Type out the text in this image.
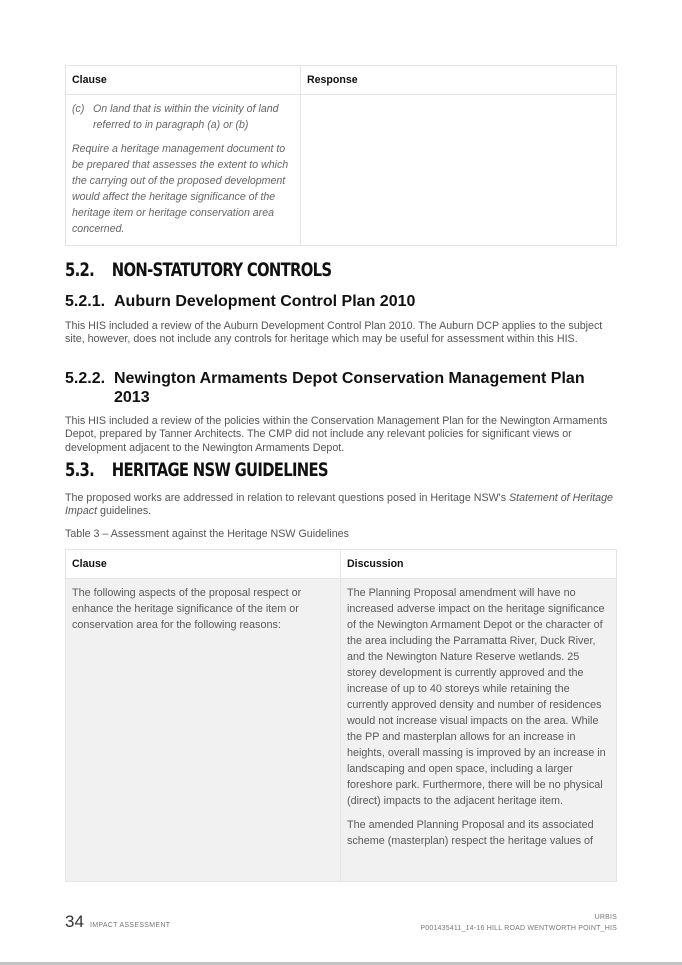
Clause	Response

(c) On land that is within the vicinity of land referred to in paragraph (a) or (b)

Require a heritage management document to be prepared that assesses the extent to which the carrying out of the proposed development would affect the heritage significance of the heritage item or heritage conservation area concerned.	

5.2. NON-STATUTORY CONTROLS
5.2.1. Auburn Development Control Plan 2010

This HIS included a review of the Auburn Development Control Plan 2010. The Auburn DCP applies to the subject site, however, does not include any controls for heritage which may be useful for assessment within this HIS.

5.2.2. Newington Armaments Depot Conservation Management Plan 2013

This HIS included a review of the policies within the Conservation Management Plan for the Newington Armaments Depot, prepared by Tanner Architects. The CMP did not include any relevant policies for significant views or development adjacent to the Newington Armaments Depot.

5.3. HERITAGE NSW GUIDELINES

The proposed works are addressed in relation to relevant questions posed in Heritage NSW's Statement of Heritage Impact guidelines.

Table 3 – Assessment against the Heritage NSW Guidelines

Clause	Discussion

The following aspects of the proposal respect or enhance the heritage significance of the item or conservation area for the following reasons:	The Planning Proposal amendment will have no increased adverse impact on the heritage significance of the Newington Armament Depot or the character of the area including the Parramatta River, Duck River, and the Newington Nature Reserve wetlands. 25 storey development is currently approved and the increase of up to 40 storeys while retaining the currently approved density and number of residences would not increase visual impacts on the area. While the PP and masterplan allows for an increase in heights, overall massing is improved by an increase in landscaping and open space, including a larger foreshore park. Furthermore, there will be no physical (direct) impacts to the adjacent heritage item.

The amended Planning Proposal and its associated scheme (masterplan) respect the heritage values of

34 IMPACT ASSESSMENT
URBIS
P001435411_14-16 HILL ROAD WENTWORTH POINT_HIS
